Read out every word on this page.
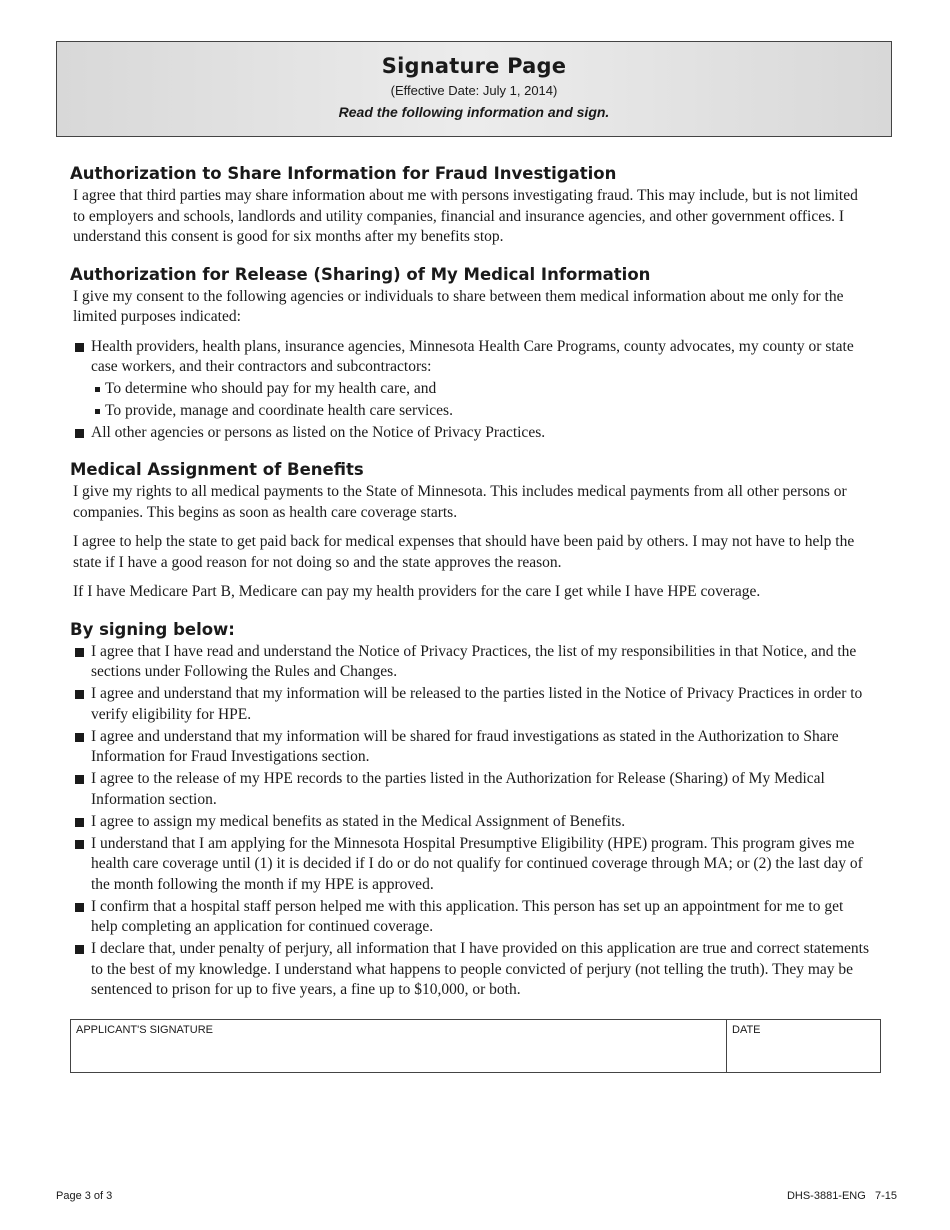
Signature Page
(Effective Date: July 1, 2014)
Read the following information and sign.
Authorization to Share Information for Fraud Investigation

I agree that third parties may share information about me with persons investigating fraud. This may include, but is not limited to employers and schools, landlords and utility companies, financial and insurance agencies, and other government offices. I understand this consent is good for six months after my benefits stop.

Authorization for Release (Sharing) of My Medical Information

I give my consent to the following agencies or individuals to share between them medical information about me only for the limited purposes indicated:

Health providers, health plans, insurance agencies, Minnesota Health Care Programs, county advocates, my county or state case workers, and their contractors and subcontractors:
To determine who should pay for my health care, and
To provide, manage and coordinate health care services.
All other agencies or persons as listed on the Notice of Privacy Practices.
Medical Assignment of Benefits

I give my rights to all medical payments to the State of Minnesota. This includes medical payments from all other persons or companies. This begins as soon as health care coverage starts.

I agree to help the state to get paid back for medical expenses that should have been paid by others. I may not have to help the state if I have a good reason for not doing so and the state approves the reason.

If I have Medicare Part B, Medicare can pay my health providers for the care I get while I have HPE coverage.

By signing below:
I agree that I have read and understand the Notice of Privacy Practices, the list of my responsibilities in that Notice, and the sections under Following the Rules and Changes.
I agree and understand that my information will be released to the parties listed in the Notice of Privacy Practices in order to verify eligibility for HPE.
I agree and understand that my information will be shared for fraud investigations as stated in the Authorization to Share Information for Fraud Investigations section.
I agree to the release of my HPE records to the parties listed in the Authorization for Release (Sharing) of My Medical Information section.
I agree to assign my medical benefits as stated in the Medical Assignment of Benefits.
I understand that I am applying for the Minnesota Hospital Presumptive Eligibility (HPE) program. This program gives me health care coverage until (1) it is decided if I do or do not qualify for continued coverage through MA; or (2) the last day of the month following the month if my HPE is approved.
I confirm that a hospital staff person helped me with this application. This person has set up an appointment for me to get help completing an application for continued coverage.
I declare that, under penalty of perjury, all information that I have provided on this application are true and correct statements to the best of my knowledge. I understand what happens to people convicted of perjury (not telling the truth). They may be sentenced to prison for up to five years, a fine up to $10,000, or both.
APPLICANT'S SIGNATURE	DATE
Page 3 of 3	DHS-3881-ENG   7-15
